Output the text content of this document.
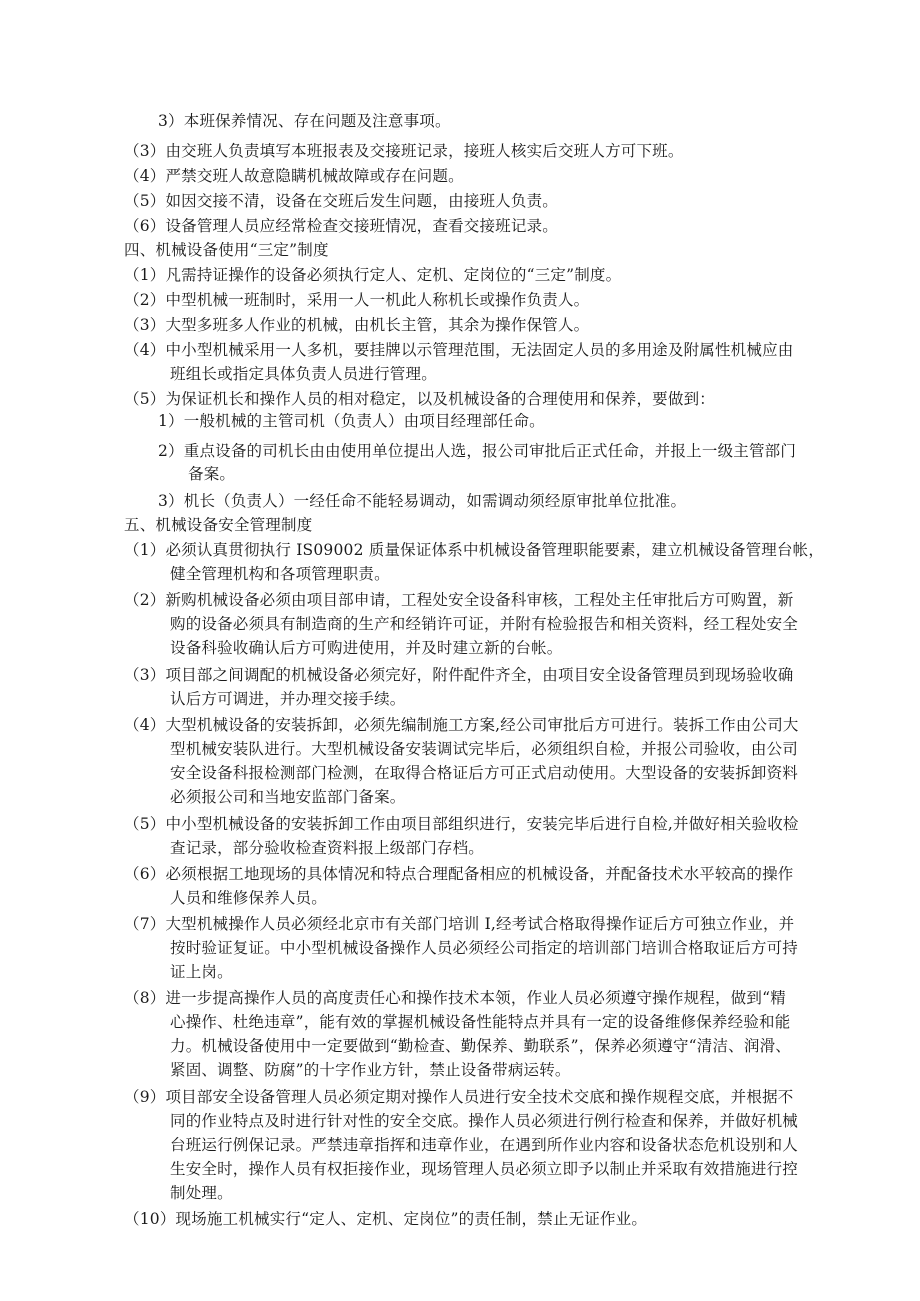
3）本班保养情况、存在问题及注意事项。
（3）由交班人负责填写本班报表及交接班记录，接班人核实后交班人方可下班。
（4）严禁交班人故意隐瞒机械故障或存在问题。
（5）如因交接不清，设备在交班后发生问题，由接班人负责。
（6）设备管理人员应经常检查交接班情况，查看交接班记录。
四、机械设备使用“三定”制度
（1）凡需持证操作的设备必须执行定人、定机、定岗位的“三定”制度。
（2）中型机械一班制时，采用一人一机此人称机长或操作负责人。
（3）大型多班多人作业的机械，由机长主管，其余为操作保管人。
（4）中小型机械采用一人多机，要挂牌以示管理范围，无法固定人员的多用途及附属性机械应由
班组长或指定具体负责人员进行管理。
（5）为保证机长和操作人员的相对稳定，以及机械设备的合理使用和保养，要做到：
1）一般机械的主管司机（负责人）由项目经理部任命。
2）重点设备的司机长由由使用单位提出人选，报公司审批后正式任命，并报上一级主管部门
备案。
3）机长（负责人）一经任命不能轻易调动，如需调动须经原审批单位批准。
五、机械设备安全管理制度
（1）必须认真贯彻执行 IS09002 质量保证体系中机械设备管理职能要素，建立机械设备管理台帐，
健全管理机构和各项管理职责。
（2）新购机械设备必须由项目部申请，工程处安全设备科审核，工程处主任审批后方可购置，新
购的设备必须具有制造商的生产和经销许可证，并附有检验报告和相关资料，经工程处安全
设备科验收确认后方可购进使用，并及时建立新的台帐。
（3）项目部之间调配的机械设备必须完好，附件配件齐全，由项目安全设备管理员到现场验收确
认后方可调进，并办理交接手续。
（4）大型机械设备的安装拆卸，必须先编制施工方案,经公司审批后方可进行。装拆工作由公司大
型机械安装队进行。大型机械设备安装调试完毕后，必须组织自检，并报公司验收，由公司
安全设备科报检测部门检测，在取得合格证后方可正式启动使用。大型设备的安装拆卸资料
必须报公司和当地安监部门备案。
（5）中小型机械设备的安装拆卸工作由项目部组织进行，安装完毕后进行自检,并做好相关验收检
查记录，部分验收检查资料报上级部门存档。
（6）必须根据工地现场的具体情况和特点合理配备相应的机械设备，并配备技术水平较高的操作
人员和维修保养人员。
（7）大型机械操作人员必须经北京市有关部门培训 I,经考试合格取得操作证后方可独立作业，并
按时验证复证。中小型机械设备操作人员必须经公司指定的培训部门培训合格取证后方可持
证上岗。
（8）进一步提高操作人员的高度责任心和操作技术本领，作业人员必须遵守操作规程，做到“精
心操作、杜绝违章”，能有效的掌握机械设备性能特点并具有一定的设备维修保养经验和能
力。机械设备使用中一定要做到“勤检查、勤保养、勤联系”，保养必须遵守“清洁、润滑、
紧固、调整、防腐”的十字作业方针，禁止设备带病运转。
（9）项目部安全设备管理人员必须定期对操作人员进行安全技术交底和操作规程交底，并根据不
同的作业特点及时进行针对性的安全交底。操作人员必须进行例行检查和保养，并做好机械
台班运行例保记录。严禁违章指挥和违章作业，在遇到所作业内容和设备状态危机设别和人
生安全时，操作人员有权拒接作业，现场管理人员必须立即予以制止并采取有效措施进行控
制处理。
（10）现场施工机械实行“定人、定机、定岗位”的责任制，禁止无证作业。
